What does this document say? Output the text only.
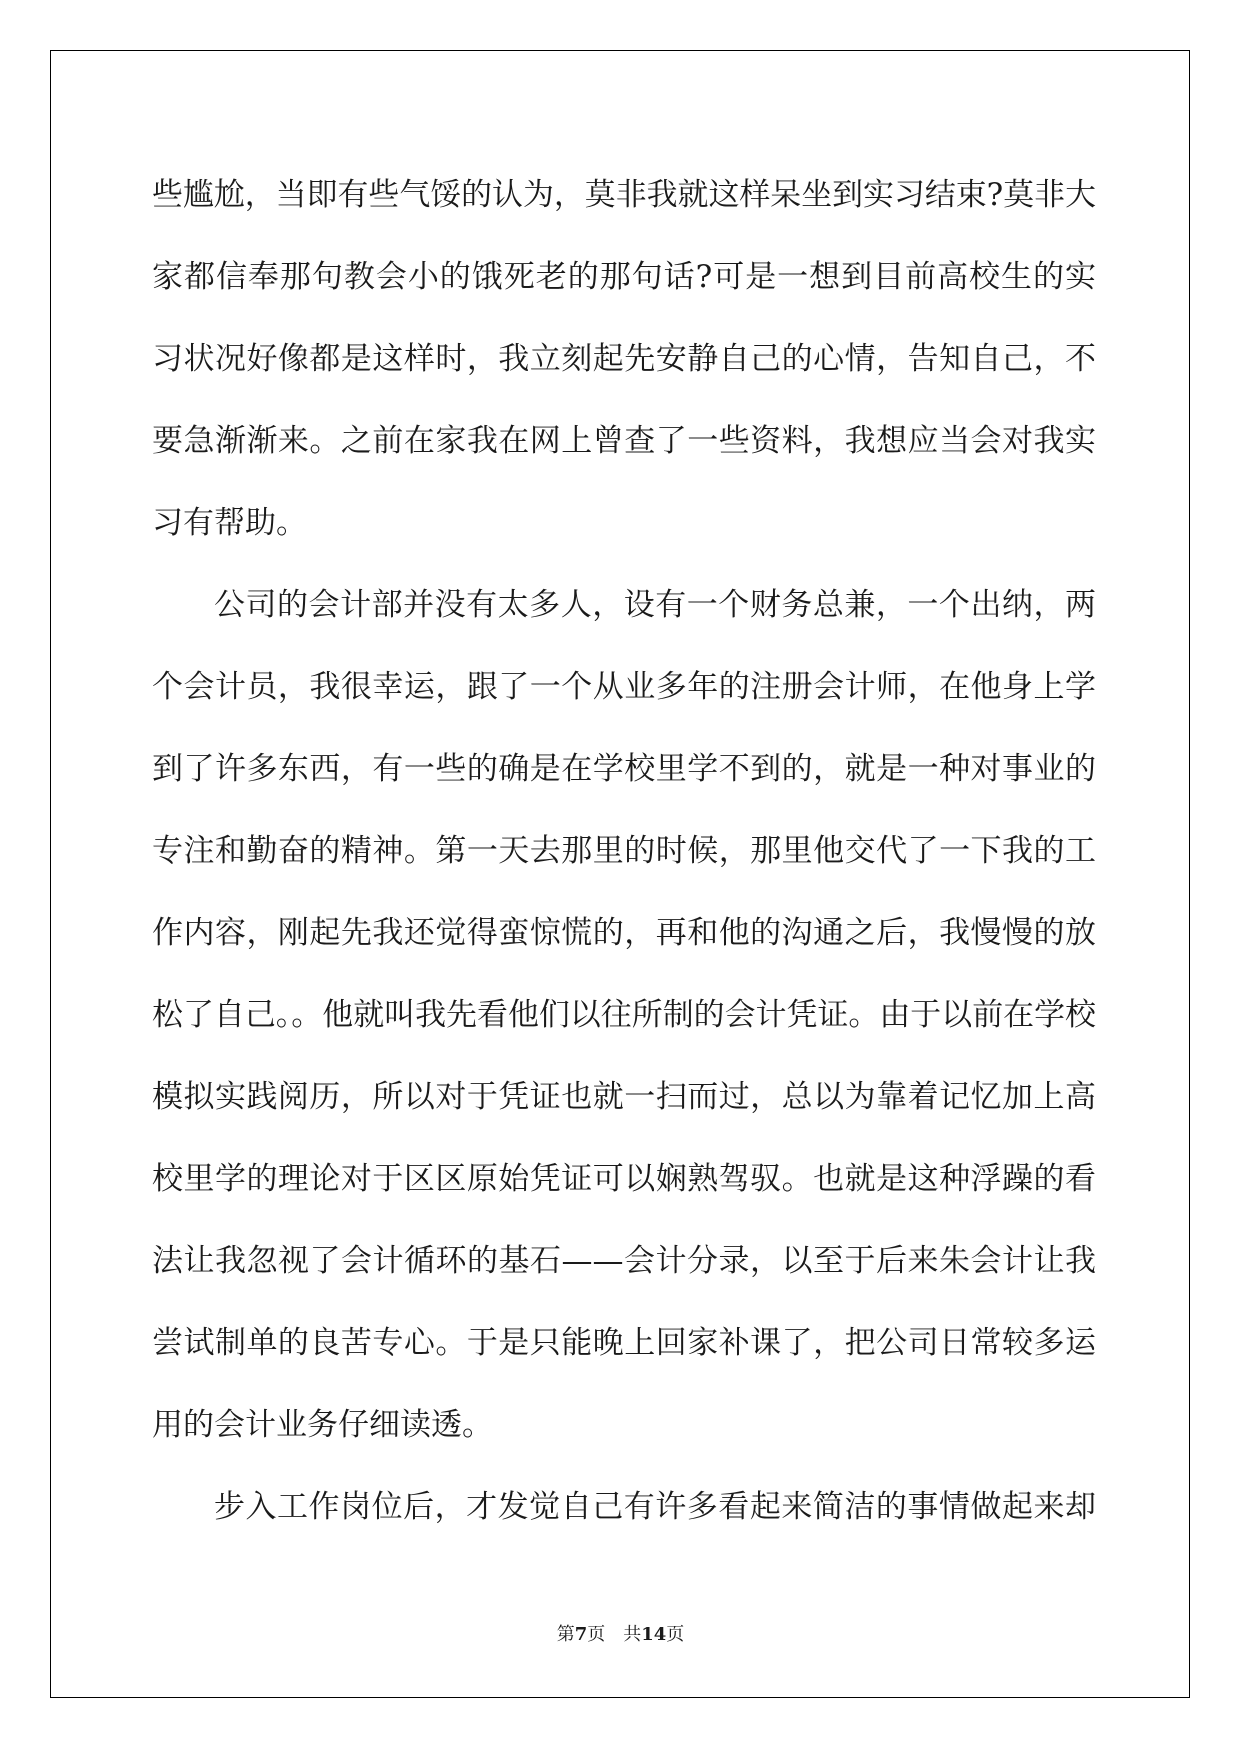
些尴尬，当即有些气馁的认为，莫非我就这样呆坐到实习结束?莫非大
家都信奉那句教会小的饿死老的那句话?可是一想到目前高校生的实
习状况好像都是这样时，我立刻起先安静自己的心情，告知自己，不
要急渐渐来。之前在家我在网上曾查了一些资料，我想应当会对我实
习有帮助。
公司的会计部并没有太多人，设有一个财务总兼，一个出纳，两
个会计员，我很幸运，跟了一个从业多年的注册会计师，在他身上学
到了许多东西，有一些的确是在学校里学不到的，就是一种对事业的
专注和勤奋的精神。第一天去那里的时候，那里他交代了一下我的工
作内容，刚起先我还觉得蛮惊慌的，再和他的沟通之后，我慢慢的放
松了自己。。他就叫我先看他们以往所制的会计凭证。由于以前在学校
模拟实践阅历，所以对于凭证也就一扫而过，总以为靠着记忆加上高
校里学的理论对于区区原始凭证可以娴熟驾驭。也就是这种浮躁的看
法让我忽视了会计循环的基石——会计分录，以至于后来朱会计让我
尝试制单的良苦专心。于是只能晚上回家补课了，把公司日常较多运
用的会计业务仔细读透。
步入工作岗位后，才发觉自己有许多看起来简洁的事情做起来却
第7页 共14页
